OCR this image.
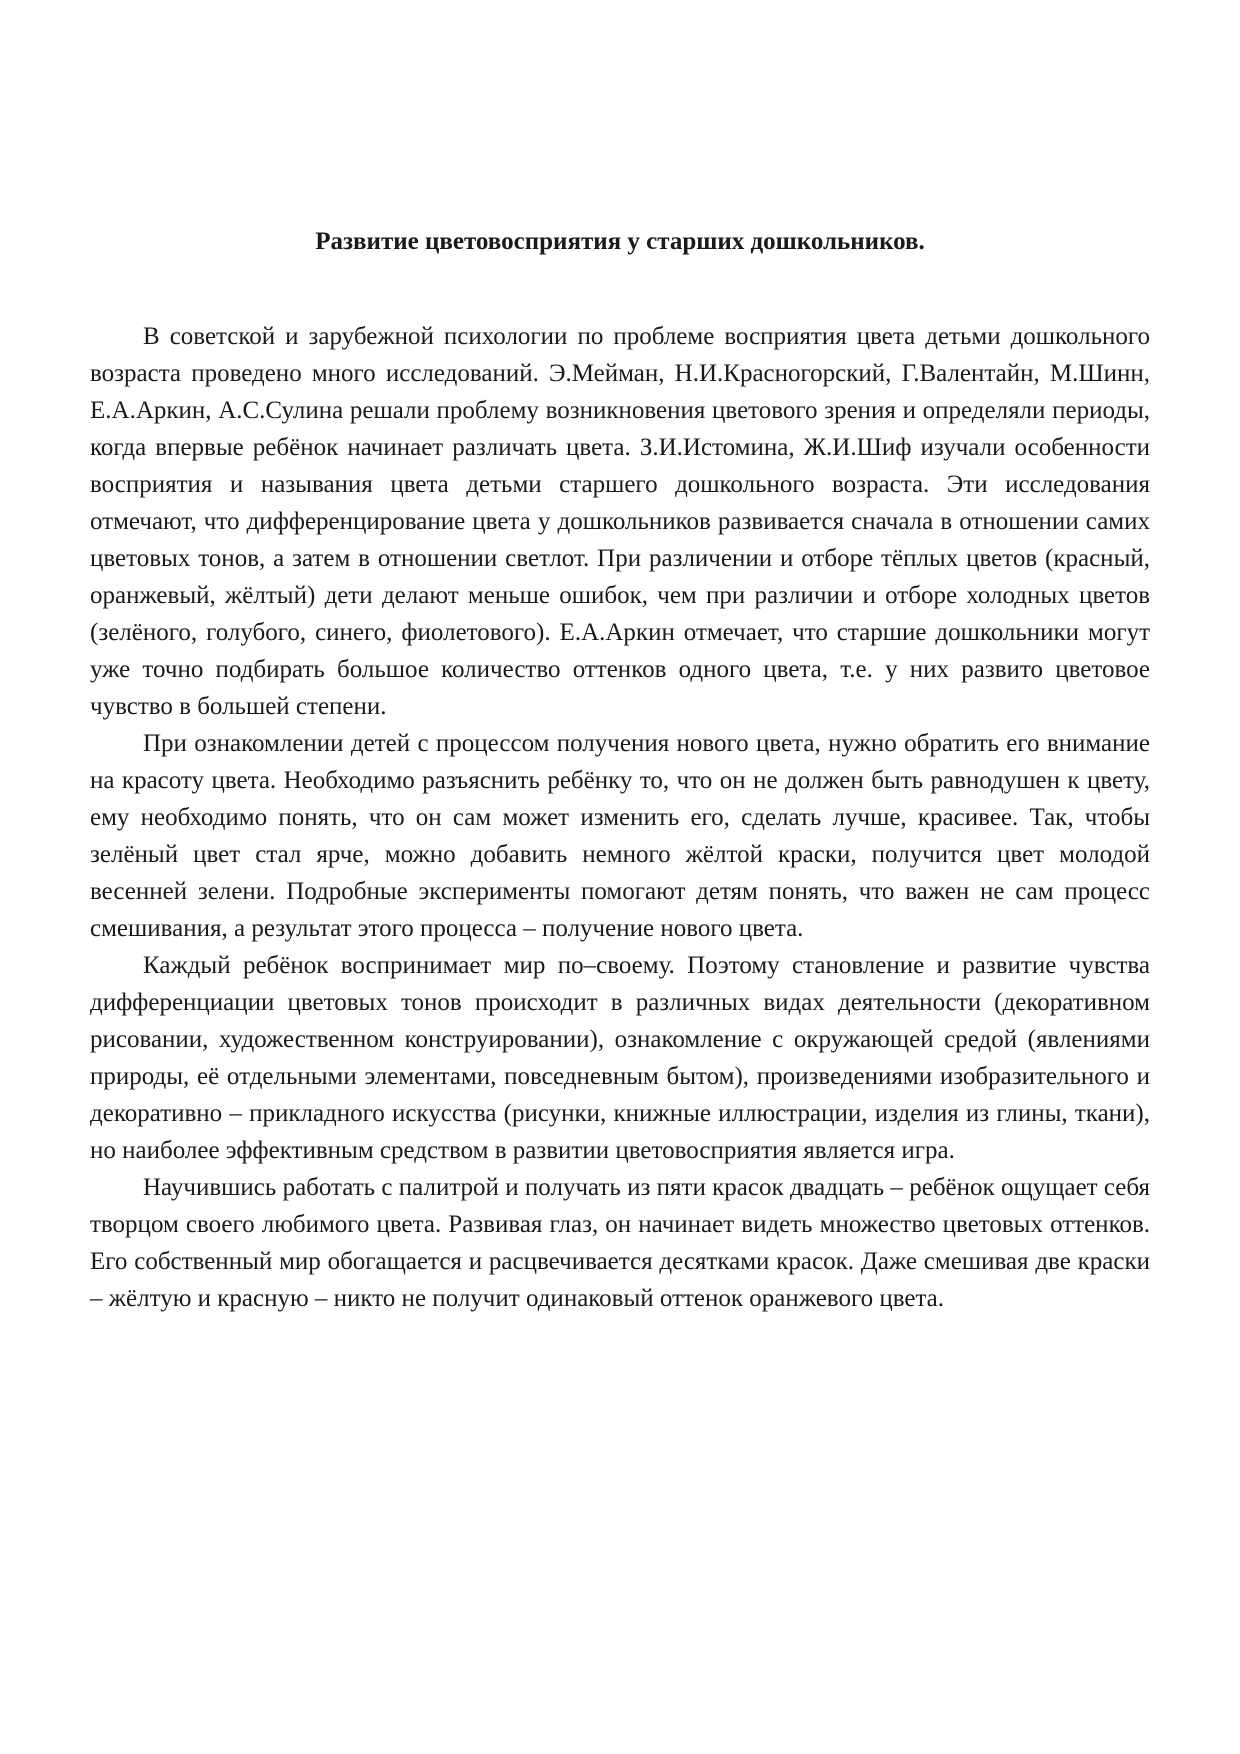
Развитие цветовосприятия у старших дошкольников.

В советской и зарубежной психологии по проблеме восприятия цвета детьми дошкольного возраста проведено много исследований. Э.Мейман, Н.И.Красногорский, Г.Валентайн, М.Шинн, Е.А.Аркин, А.С.Сулина решали проблему возникновения цветового зрения и определяли периоды, когда впервые ребёнок начинает различать цвета. З.И.Истомина, Ж.И.Шиф изучали особенности восприятия и называния цвета детьми старшего дошкольного возраста. Эти исследования отмечают, что дифференцирование цвета у дошкольников развивается сначала в отношении самих цветовых тонов, а затем в отношении светлот. При различении и отборе тёплых цветов (красный, оранжевый, жёлтый) дети делают меньше ошибок, чем при различии и отборе холодных цветов (зелёного, голубого, синего, фиолетового). Е.А.Аркин отмечает, что старшие дошкольники могут уже точно подбирать большое количество оттенков одного цвета, т.е. у них развито цветовое чувство в большей степени.

При ознакомлении детей с процессом получения нового цвета, нужно обратить его внимание на красоту цвета. Необходимо разъяснить ребёнку то, что он не должен быть равнодушен к цвету, ему необходимо понять, что он сам может изменить его, сделать лучше, красивее. Так, чтобы зелёный цвет стал ярче, можно добавить немного жёлтой краски, получится цвет молодой весенней зелени. Подробные эксперименты помогают детям понять, что важен не сам процесс смешивания, а результат этого процесса – получение нового цвета.

Каждый ребёнок воспринимает мир по–своему. Поэтому становление и развитие чувства дифференциации цветовых тонов происходит в различных видах деятельности (декоративном рисовании, художественном конструировании), ознакомление с окружающей средой (явлениями природы, её отдельными элементами, повседневным бытом), произведениями изобразительного и декоративно – прикладного искусства (рисунки, книжные иллюстрации, изделия из глины, ткани), но наиболее эффективным средством в развитии цветовосприятия является игра.

Научившись работать с палитрой и получать из пяти красок двадцать – ребёнок ощущает себя творцом своего любимого цвета. Развивая глаз, он начинает видеть множество цветовых оттенков. Его собственный мир обогащается и расцвечивается десятками красок. Даже смешивая две краски – жёлтую и красную – никто не получит одинаковый оттенок оранжевого цвета.
